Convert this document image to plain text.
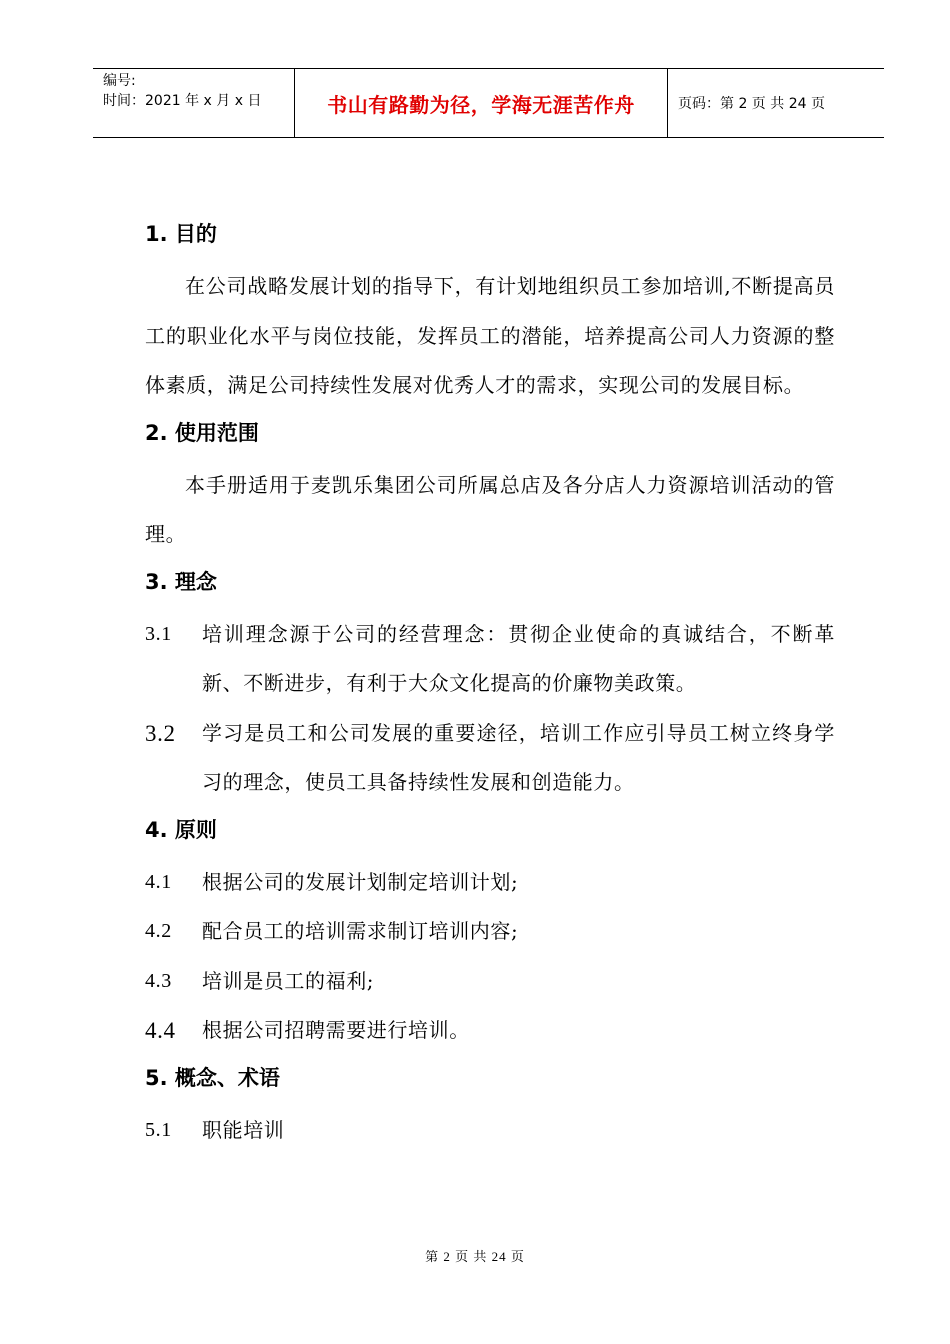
编号:
时间：2021 年 x 月 x 日	书山有路勤为径，学海无涯苦作舟	页码：第 2 页 共 24 页
1. 目的
在公司战略发展计划的指导下，有计划地组织员工参加培训,不断提高员工的职业化水平与岗位技能，发挥员工的潜能，培养提高公司人力资源的整体素质，满足公司持续性发展对优秀人才的需求，实现公司的发展目标。
2. 使用范围
本手册适用于麦凯乐集团公司所属总店及各分店人力资源培训活动的管理。
3. 理念
3.1	培训理念源于公司的经营理念：贯彻企业使命的真诚结合，不断革新、不断进步，有利于大众文化提高的价廉物美政策。
3.2	学习是员工和公司发展的重要途径，培训工作应引导员工树立终身学习的理念，使员工具备持续性发展和创造能力。
4. 原则
4.1	根据公司的发展计划制定培训计划;
4.2	配合员工的培训需求制订培训内容;
4.3	培训是员工的福利;
4.4	根据公司招聘需要进行培训。
5. 概念、术语
5.1	职能培训
第 2 页 共 24 页
